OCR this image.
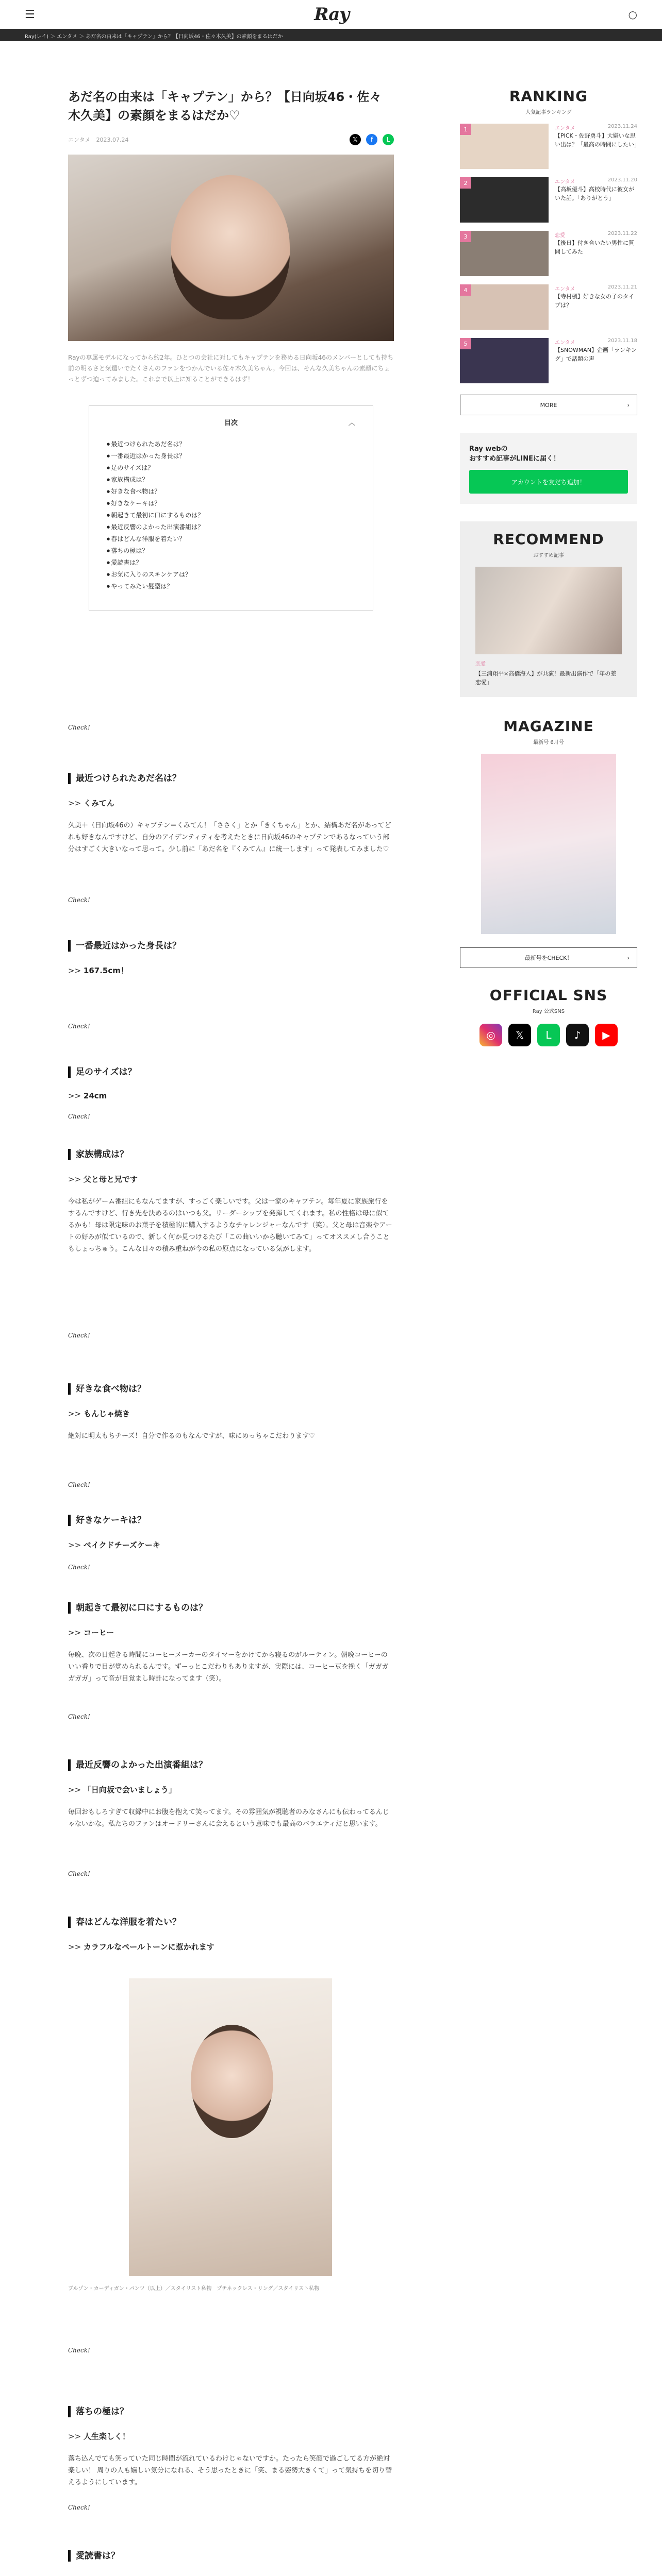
☰	Ray	○
Ray(レイ) ＞ エンタメ ＞ あだ名の由来は「キャプテン」から？【日向坂46・佐々木久美】の素顔をまるはだか
あだ名の由来は「キャプテン」から？【日向坂46・佐々木久美】の素顔をまるはだか♡
エンタメ　 2023.07.24	𝕏	f	L

Rayの専属モデルになってから約2年。ひとつの会社に対してもキャプテンを務める日向坂46のメンバーとしても持ち前の明るさと気遣いでたくさんのファンをつかんでいる佐々木久美ちゃん。今回は、そんな久美ちゃんの素顔にちょっとずつ迫ってみました。これまで以上に知ることができるはず！

目次	︿
● 最近つけられたあだ名は？
● 一番最近はかった身長は？
● 足のサイズは？
● 家族構成は？
● 好きな食べ物は？
● 好きなケーキは？
● 朝起きて最初に口にするものは？
● 最近反響のよかった出演番組は？
● 春はどんな洋服を着たい？
● 落ちの極は？
● 愛読書は？
● お気に入りのスキンケアは？
● やってみたい髪型は？
最近つけられたあだ名は？
>> くみてん

久美＋（日向坂46の）キャプテン＝くみてん！「ささく」とか「きくちゃん」とか、結構あだ名があってどれも好きなんですけど、自分のアイデンティティを考えたときに日向坂46のキャプテンであるなっていう部分はすごく大きいなって思って。少し前に「あだ名を『くみてん』に統一します」って発表してみました♡

一番最近はかった身長は？
>> 167.5cm！
足のサイズは？
>> 24cm
家族構成は？
>> 父と母と兄です

今は私がゲーム番組にもなんてますが、すっごく楽しいです。父は一家のキャプテン。毎年夏に家族旅行をするんですけど、行き先を決めるのはいつも父。リーダーシップを発揮してくれます。私の性格は母に似てるかも！母は限定味のお菓子を積極的に購入するようなチャレンジャーなんです（笑）。父と母は音楽やアートの好みが似ているので、新しく何か見つけるたび「この曲いいから聴いてみて」ってオススメし合うこともしょっちゅう。こんな日々の積み重ねが今の私の原点になっている気がします。

好きな食べ物は？
>> もんじゃ焼き

絶対に明太もちチーズ！自分で作るのもなんですが、味にめっちゃこだわります♡

好きなケーキは？
>> ベイクドチーズケーキ
朝起きて最初に口にするものは？
>> コーヒー

毎晩、次の日起きる時間にコーヒーメーカーのタイマーをかけてから寝るのがルーティン。朝晩コーヒーのいい香りで目が覚められるんです。ずーっとこだわりもありますが、実際には、コーヒー豆を挽く「ガガガガガガ」って音が目覚まし時計になってます（笑）。

最近反響のよかった出演番組は？
>> 「日向坂で会いましょう」

毎回おもしろすぎて収録中にお腹を抱えて笑ってます。その雰囲気が視聴者のみなさんにも伝わってるんじゃないかな。私たちのファンはオードリーさんに会えるという意味でも最高のバラエティだと思います。

春はどんな洋服を着たい？
>> カラフルなペールトーンに惹かれます
落ちの極は？
>> 人生楽しく！

落ち込んでても笑っていた同じ時間が流れているわけじゃないですか。たったら笑顔で過ごしてる方が絶対楽しい！ 周りの人も嬉しい気分になれる、そう思ったときに「笑、まる姿勢大きくて」って気持ちを切り替えるようにしています。

愛読書は？
>>

Check!
Check!
Check!
Check!
Check!
Check!
Check!
Check!
Check!
Check!
Check!

ブルゾン・カーディガン・パンツ（以上）／スタイリスト私物　プチネックレス・リング／スタイリスト私物

RANKING
人気記事ランキング
1	エンタメ	2023.11.24
【PICK・佐野勇斗】大嫌いな思い出は？「最高の時間にしたい」
2	エンタメ	2023.11.20
【高坂優斗】高校時代に彼女がいた話。「ありがとう」
3	恋愛	2023.11.22
【後日】付き合いたい男性に質問してみた
4	エンタメ	2023.11.21
【寺村楓】好きな女の子のタイプは？
5	エンタメ	2023.11.18
【SNOWMAN】企画「ランキング」で話題の声
MORE ›
Ray webの
おすすめ記事がLINEに届く！
アカウントを友だち追加！
RECOMMEND
おすすめ記事
恋愛
【三浦翔平×高橋海人】が共演！最新出演作で「年の差恋愛」
MAGAZINE
最新号 6月号
最新号をCHECK！ ›
OFFICIAL SNS
Ray 公式SNS
◎	𝕏	L	♪	▶
